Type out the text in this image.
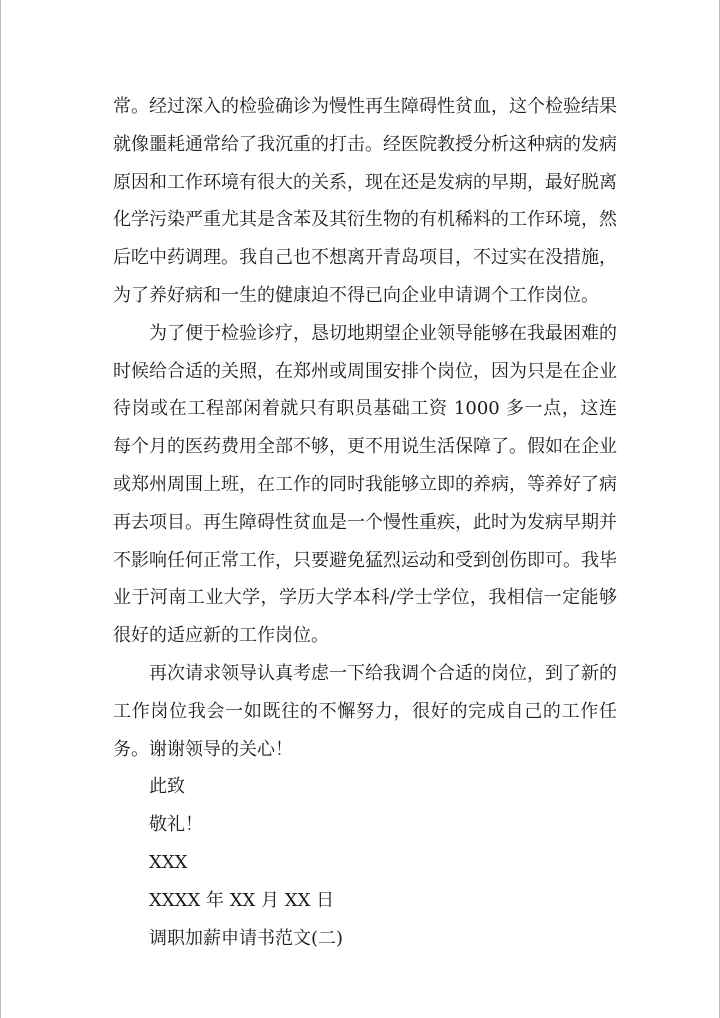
常。经过深入的检验确诊为慢性再生障碍性贫血，这个检验结果就像噩耗通常给了我沉重的打击。经医院教授分析这种病的发病原因和工作环境有很大的关系，现在还是发病的早期，最好脱离化学污染严重尤其是含苯及其衍生物的有机稀料的工作环境，然后吃中药调理。我自己也不想离开青岛项目，不过实在没措施，为了养好病和一生的健康迫不得已向企业申请调个工作岗位。

为了便于检验诊疗，恳切地期望企业领导能够在我最困难的时候给合适的关照，在郑州或周围安排个岗位，因为只是在企业待岗或在工程部闲着就只有职员基础工资 1000 多一点，这连每个月的医药费用全部不够，更不用说生活保障了。假如在企业或郑州周围上班，在工作的同时我能够立即的养病，等养好了病再去项目。再生障碍性贫血是一个慢性重疾，此时为发病早期并不影响任何正常工作，只要避免猛烈运动和受到创伤即可。我毕业于河南工业大学，学历大学本科/学士学位，我相信一定能够很好的适应新的工作岗位。

再次请求领导认真考虑一下给我调个合适的岗位，到了新的工作岗位我会一如既往的不懈努力，很好的完成自己的工作任务。谢谢领导的关心！

此致

敬礼！

XXX

XXXX 年 XX 月 XX 日

调职加薪申请书范文(二)
